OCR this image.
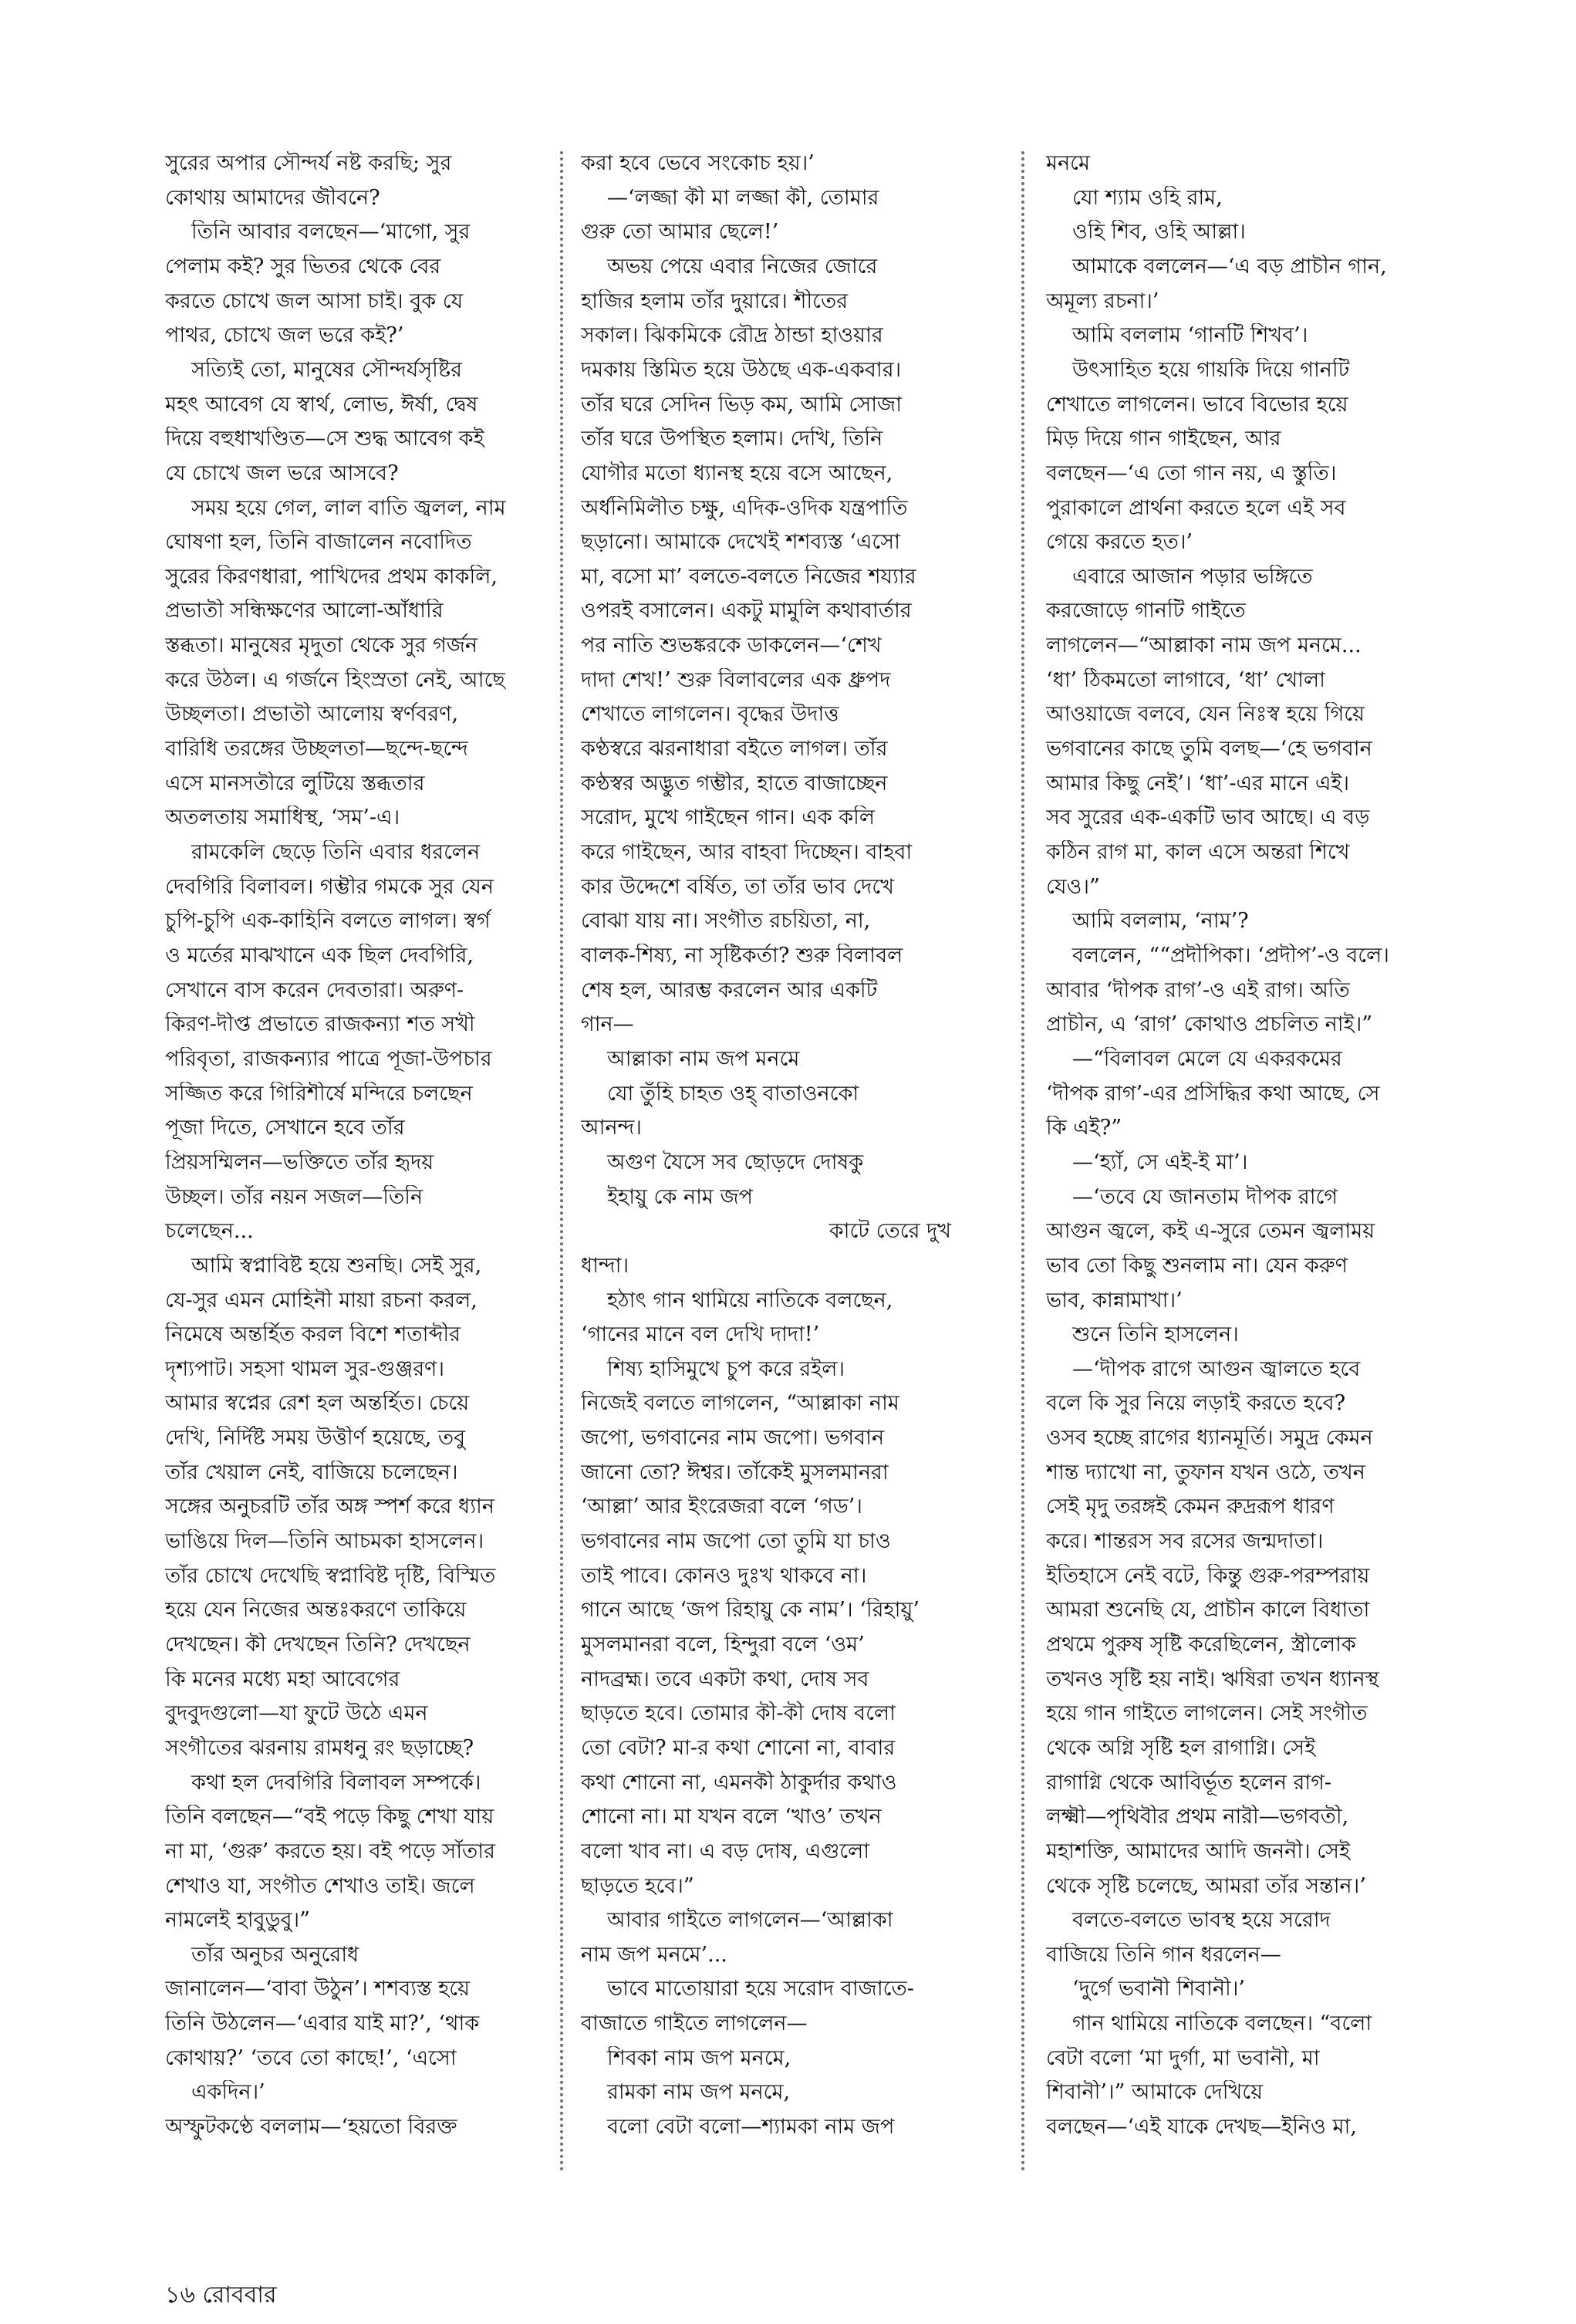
সুরের অপার সৌন্দর্য নষ্ট করছি; সুর
কোথায় আমাদের জীবনে?
তিনি আবার বলছেন—‘মাগো, সুর
পেলাম কই? সুর ভিতর থেকে বের
করতে চোখে জল আসা চাই। বুক যে
পাথর, চোখে জল ভরে কই?’
সত্যিই তো, মানুষের সৌন্দর্যসৃষ্টির
মহৎ আবেগ যে স্বার্থ, লোভ, ঈর্ষা, দ্বেষ
দিয়ে বহুধাখণ্ডিত—সে শুদ্ধ আবেগ কই
যে চোখে জল ভরে আসবে?
সময় হয়ে গেল, লাল বাতি জ্বলল, নাম
ঘোষণা হল, তিনি বাজালেন নবোদিত
সুরের কিরণধারা, পাখিদের প্রথম কাকলি,
প্রভাতী সন্ধিক্ষণের আলো-আঁধারি
স্তব্ধতা। মানুষের মৃদুতা থেকে সুর গর্জন
করে উঠল। এ গর্জনে হিংস্রতা নেই, আছে
উচ্ছলতা। প্রভাতী আলোয় স্বর্ণবরণ,
বারিধি তরঙ্গের উচ্ছলতা—ছন্দে-ছন্দে
এসে মানসতীরে লুটিয়ে স্তব্ধতার
অতলতায় সমাধিস্থ, ‘সম’-এ।
রামকেলি ছেড়ে তিনি এবার ধরলেন
দেবগিরি বিলাবল। গম্ভীর গমকে সুর যেন
চুপি-চুপি এক-কাহিনি বলতে লাগল। স্বর্গ
ও মর্তের মাঝখানে এক ছিল দেবগিরি,
সেখানে বাস করেন দেবতারা। অরুণ-
কিরণ-দীপ্ত প্রভাতে রাজকন্যা শত সখী
পরিবৃতা, রাজকন্যার পাত্রে পূজা-উপচার
সজ্জিত করে গিরিশীর্ষে মন্দিরে চলছেন
পূজা দিতে, সেখানে হবে তাঁর
প্রিয়সম্মিলন—ভক্তিতে তাঁর হৃদয়
উচ্ছল। তাঁর নয়ন সজল—তিনি
চলেছেন...
আমি স্বপ্নাবিষ্ট হয়ে শুনছি। সেই সুর,
যে-সুর এমন মোহিনী মায়া রচনা করল,
নিমেষে অন্তর্হিত করল বিশে শতাব্দীর
দৃশ্যপাট। সহসা থামল সুর-গুঞ্জরণ।
আমার স্বপ্নের রেশ হল অন্তর্হিত। চেয়ে
দেখি, নির্দিষ্ট সময় উত্তীর্ণ হয়েছে, তবু
তাঁর খেয়াল নেই, বাজিয়ে চলেছেন।
সঙ্গের অনুচরটি তাঁর অঙ্গ স্পর্শ করে ধ্যান
ভাঙিয়ে দিল—তিনি আচমকা হাসলেন।
তাঁর চোখে দেখেছি স্বপ্নাবিষ্ট দৃষ্টি, বিস্মিত
হয়ে যেন নিজের অন্তঃকরণে তাকিয়ে
দেখছেন। কী দেখছেন তিনি? দেখছেন
কি মনের মধ্যে মহা আবেগের
বুদবুদগুলো—যা ফুটে উঠে এমন
সংগীতের ঝরনায় রামধনু রং ছড়াচ্ছে?
কথা হল দেবগিরি বিলাবল সম্পর্কে।
তিনি বলছেন—“বই পড়ে কিছু শেখা যায়
না মা, ‘গুরু’ করতে হয়। বই পড়ে সাঁতার
শেখাও যা, সংগীত শেখাও তাই। জলে
নামলেই হাবুডুবু।”
তাঁর অনুচর অনুরোধ
জানালেন—‘বাবা উঠুন’। শশব্যস্ত হয়ে
তিনি উঠলেন—‘এবার যাই মা?’, ‘থাক
কোথায়?’ ‘তবে তো কাছে!’, ‘এসো
একদিন।’
অস্ফুটকণ্ঠে বললাম—‘হয়তো বিরক্ত
করা হবে ভেবে সংকোচ হয়।’
—‘লজ্জা কী মা লজ্জা কী, তোমার
গুরু তো আমার ছেলে!’
অভয় পেয়ে এবার নিজের জোরে
হাজির হলাম তাঁর দুয়ারে। শীতের
সকাল। ঝিকমিকে রৌদ্র ঠান্ডা হাওয়ার
দমকায় স্তিমিত হয়ে উঠছে এক-একবার।
তাঁর ঘরে সেদিন ভিড় কম, আমি সোজা
তাঁর ঘরে উপস্থিত হলাম। দেখি, তিনি
যোগীর মতো ধ্যানস্থ হয়ে বসে আছেন,
অর্ধনিমিলীত চক্ষু, এদিক-ওদিক যন্ত্রপাতি
ছড়ানো। আমাকে দেখেই শশব্যস্ত ‘এসো
মা, বসো মা’ বলতে-বলতে নিজের শয্যার
ওপরই বসালেন। একটু মামুলি কথাবার্তার
পর নাতি শুভঙ্করকে ডাকলেন—‘শেখ
দাদা শেখ!’ শুরু বিলাবলের এক ধ্রুপদ
শেখাতে লাগলেন। বৃদ্ধের উদাত্ত
কণ্ঠস্বরে ঝরনাধারা বইতে লাগল। তাঁর
কণ্ঠস্বর অদ্ভুত গম্ভীর, হাতে বাজাচ্ছেন
সরোদ, মুখে গাইছেন গান। এক কলি
করে গাইছেন, আর বাহবা দিচ্ছেন। বাহবা
কার উদ্দেশে বর্ষিত, তা তাঁর ভাব দেখে
বোঝা যায় না। সংগীত রচয়িতা, না,
বালক-শিষ্য, না সৃষ্টিকর্তা? শুরু বিলাবল
শেষ হল, আরম্ভ করলেন আর একটি
গান—
আল্লাকা নাম জপ মনমে
যো তুঁহি চাহত ওহ্‌ বাতাওনকো
আনন্দ।
অগুণ যৈসে সব ছোড়দে দোষকু
ইহায়ু কে নাম জপ
কাটে তেরে দুখ
ধান্দা।
হঠাৎ গান থামিয়ে নাতিকে বলছেন,
‘গানের মানে বল দেখি দাদা!’
শিষ্য হাসিমুখে চুপ করে রইল।
নিজেই বলতে লাগলেন, “আল্লাকা নাম
জপো, ভগবানের নাম জপো। ভগবান
জানো তো? ঈশ্বর। তাঁকেই মুসলমানরা
‘আল্লা’ আর ইংরেজরা বলে ‘গড’।
ভগবানের নাম জপো তো তুমি যা চাও
তাই পাবে। কোনও দুঃখ থাকবে না।
গানে আছে ‘জপ রিহায়ু কে নাম’। ‘রিহায়ু’
মুসলমানরা বলে, হিন্দুরা বলে ‘ওম’
নাদব্রহ্ম। তবে একটা কথা, দোষ সব
ছাড়তে হবে। তোমার কী-কী দোষ বলো
তো বেটা? মা-র কথা শোনো না, বাবার
কথা শোনো না, এমনকী ঠাকুর্দার কথাও
শোনো না। মা যখন বলে ‘খাও’ তখন
বলো খাব না। এ বড় দোষ, এগুলো
ছাড়তে হবে।”
আবার গাইতে লাগলেন—‘আল্লাকা
নাম জপ মনমে’...
ভাবে মাতোয়ারা হয়ে সরোদ বাজাতে-
বাজাতে গাইতে লাগলেন—
শিবকা নাম জপ মনমে,
রামকা নাম জপ মনমে,
বলো বেটা বলো—শ্যামকা নাম জপ
মনমে
যো শ্যাম ওহি রাম,
ওহি শিব, ওহি আল্লা।
আমাকে বললেন—‘এ বড় প্রাচীন গান,
অমূল্য রচনা।’
আমি বললাম ‘গানটি শিখব’।
উৎসাহিত হয়ে গায়কি দিয়ে গানটি
শেখাতে লাগলেন। ভাবে বিভোর হয়ে
মিড় দিয়ে গান গাইছেন, আর
বলছেন—‘এ তো গান নয়, এ স্তুতি।
পুরাকালে প্রার্থনা করতে হলে এই সব
গেয়ে করতে হত।’
এবারে আজান পড়ার ভঙ্গিতে
করজোড়ে গানটি গাইতে
লাগলেন—“আল্লাকা নাম জপ মনমে...
‘ধা’ ঠিকমতো লাগাবে, ‘ধা’ খোলা
আওয়াজে বলবে, যেন নিঃস্ব হয়ে গিয়ে
ভগবানের কাছে তুমি বলছ—‘হে ভগবান
আমার কিছু নেই’। ‘ধা’-এর মানে এই।
সব সুরের এক-একটি ভাব আছে। এ বড়
কঠিন রাগ মা, কাল এসে অন্তরা শিখে
যেও।”
আমি বললাম, ‘নাম’?
বললেন, ““প্রদীপিকা। ‘প্রদীপ’-ও বলে।
আবার ‘দীপক রাগ’-ও এই রাগ। অতি
প্রাচীন, এ ‘রাগ’ কোথাও প্রচলিত নাই।”
—“বিলাবল মেলে যে একরকমের
‘দীপক রাগ’-এর প্রসিদ্ধির কথা আছে, সে
কি এই?”
—‘হ্যাঁ, সে এই-ই মা’।
—‘তবে যে জানতাম দীপক রাগে
আগুন জ্বলে, কই এ-সুরে তেমন জ্বলাময়
ভাব তো কিছু শুনলাম না। যেন করুণ
ভাব, কান্নামাখা।’
শুনে তিনি হাসলেন।
—‘দীপক রাগে আগুন জ্বালতে হবে
বলে কি সুর নিয়ে লড়াই করতে হবে?
ওসব হচ্ছে রাগের ধ্যানমূর্তি। সমুদ্র কেমন
শান্ত দ্যাখো না, তুফান যখন ওঠে, তখন
সেই মৃদু তরঙ্গই কেমন রুদ্ররূপ ধারণ
করে। শান্তরস সব রসের জন্মদাতা।
ইতিহাসে নেই বটে, কিন্তু গুরু-পরম্পরায়
আমরা শুনেছি যে, প্রাচীন কালে বিধাতা
প্রথমে পুরুষ সৃষ্টি করেছিলেন, স্ত্রীলোক
তখনও সৃষ্টি হয় নাই। ঋষিরা তখন ধ্যানস্থ
হয়ে গান গাইতে লাগলেন। সেই সংগীত
থেকে অগ্নি সৃষ্টি হল রাগাগ্নি। সেই
রাগাগ্নি থেকে আবির্ভূত হলেন রাগ-
লক্ষ্মী—পৃথিবীর প্রথম নারী—ভগবতী,
মহাশক্তি, আমাদের আদি জননী। সেই
থেকে সৃষ্টি চলেছে, আমরা তাঁর সন্তান।’
বলতে-বলতে ভাবস্থ হয়ে সরোদ
বাজিয়ে তিনি গান ধরলেন—
‘দুর্গে ভবানী শিবানী।’
গান থামিয়ে নাতিকে বলছেন। “বলো
বেটা বলো ‘মা দুর্গা, মা ভবানী, মা
শিবানী’।” আমাকে দেখিয়ে
বলছেন—‘এই যাকে দেখছ—ইনিও মা,
১৬ রোববার
